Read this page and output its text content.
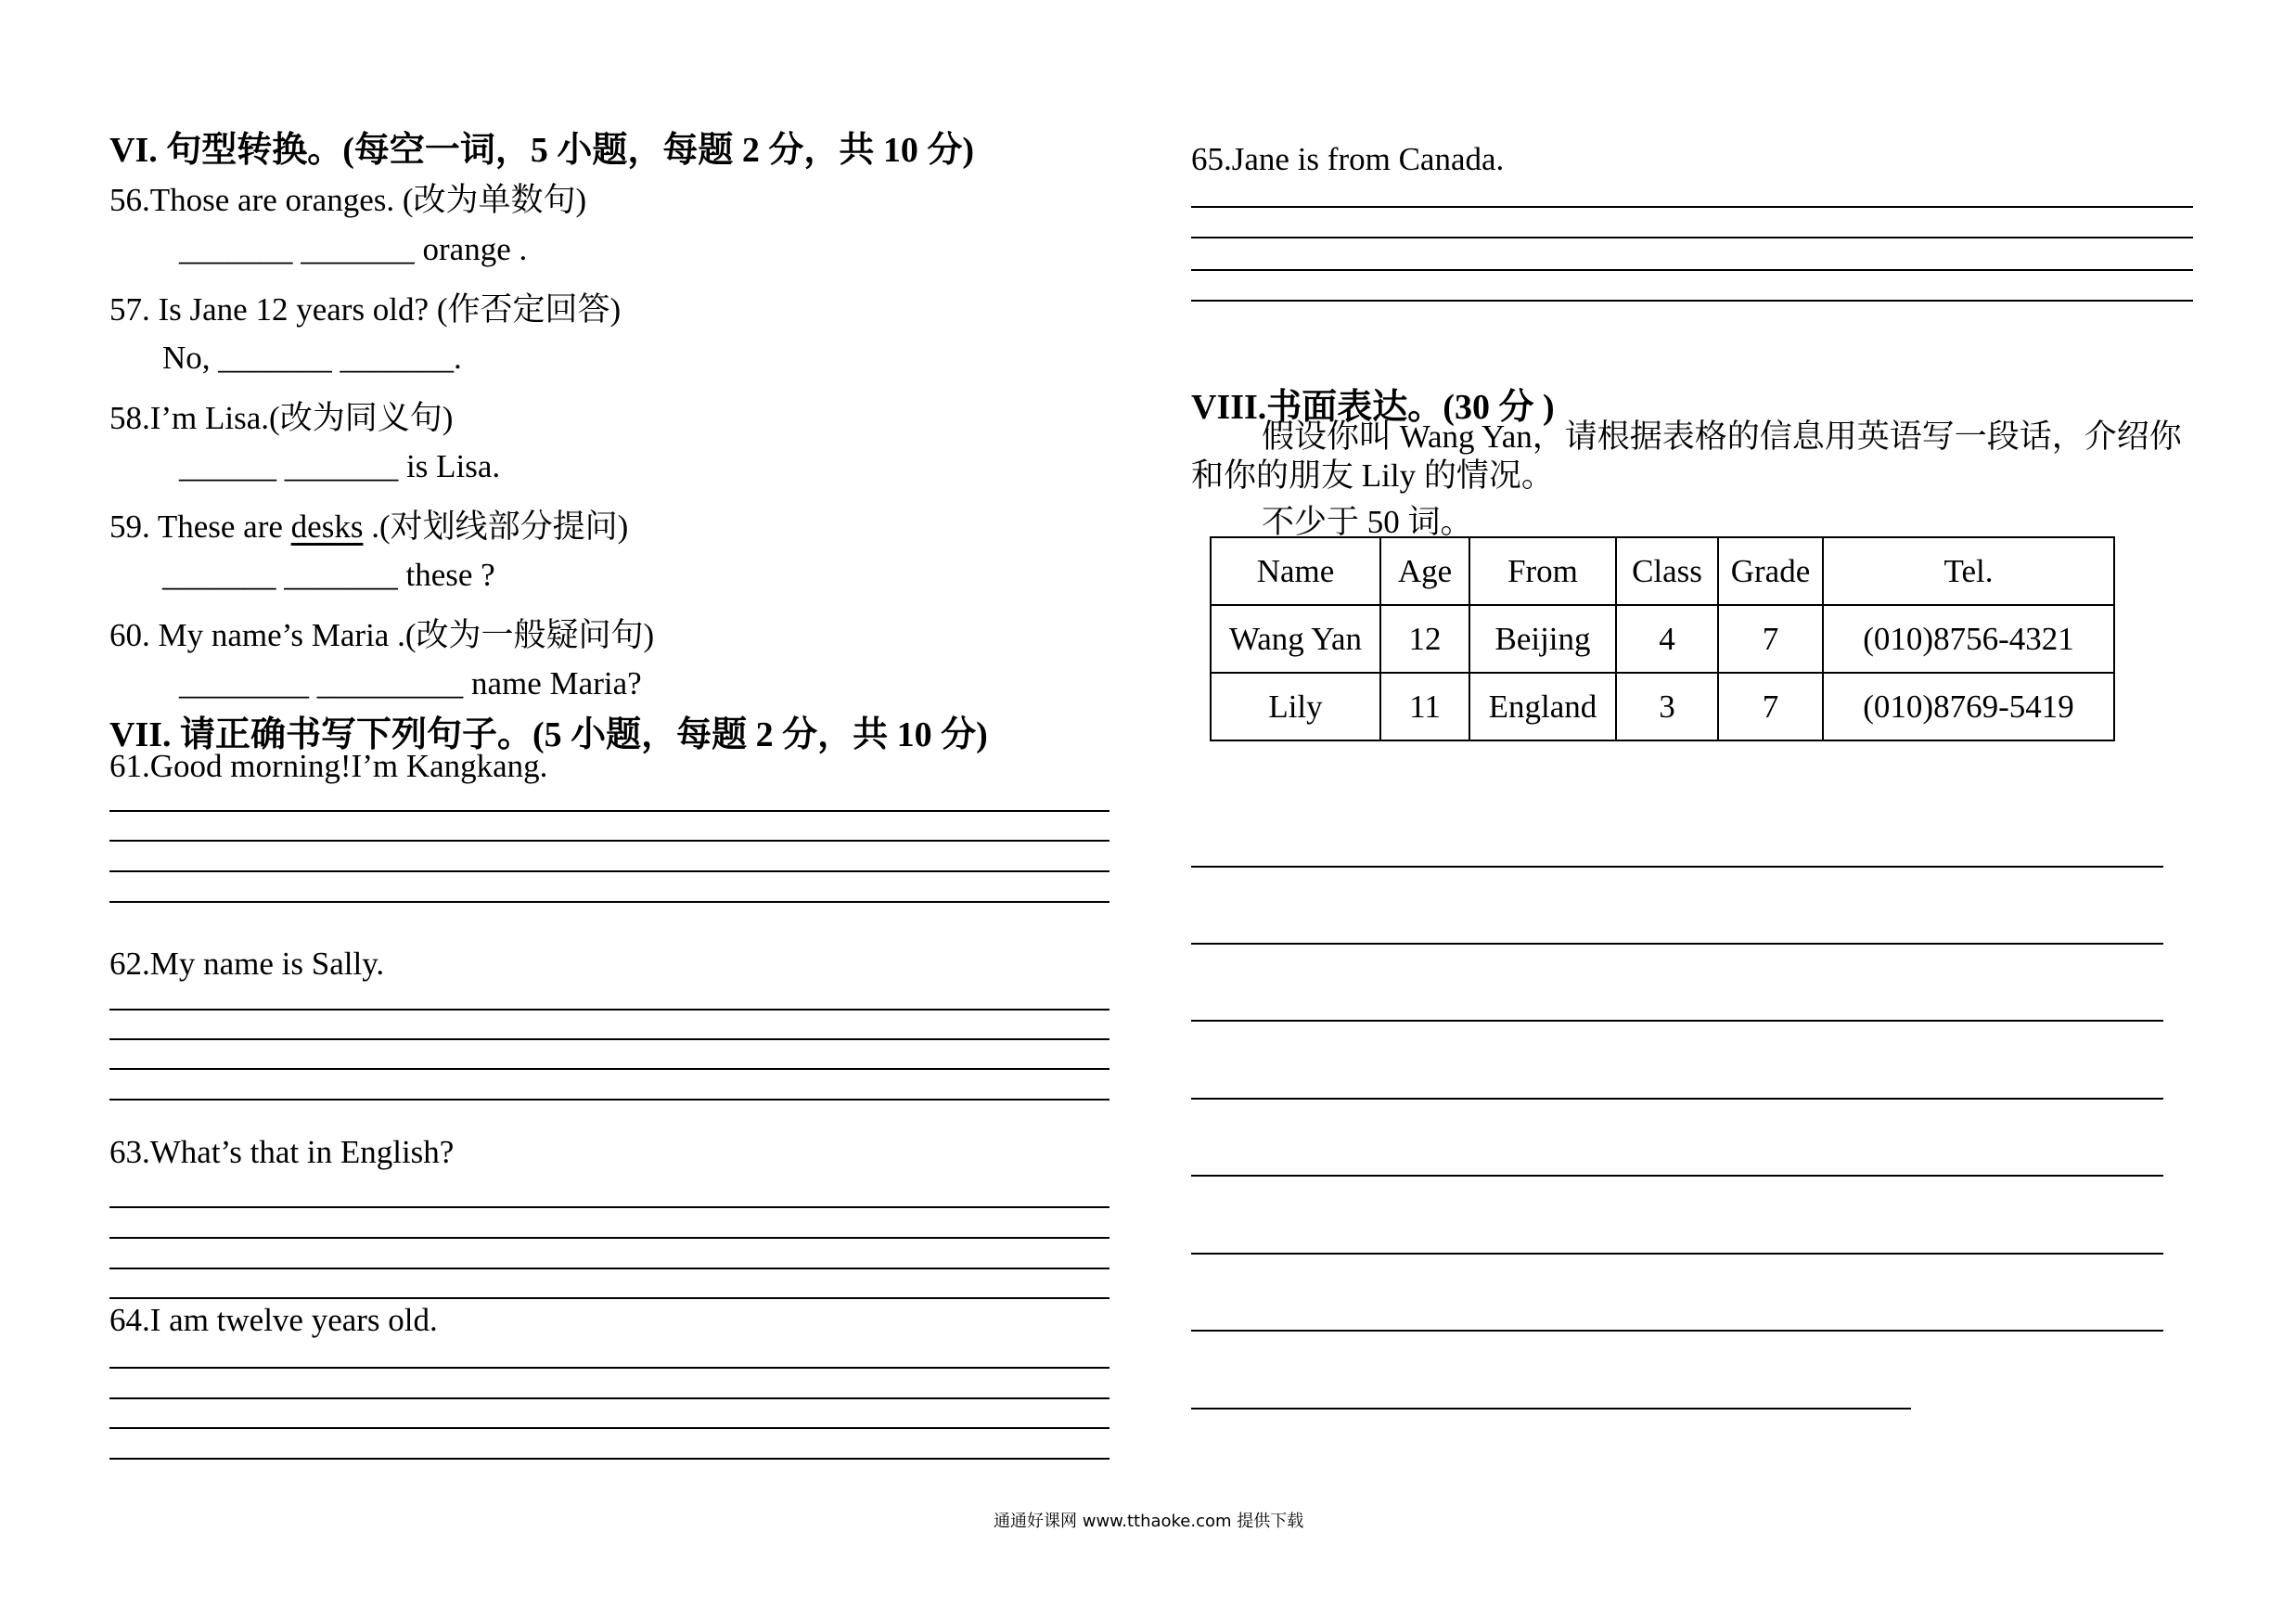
VI. 句型转换。(每空一词，5 小题，每题 2 分，共 10 分)
56.Those are oranges. (改为单数句)
_______ _______ orange .
57. Is Jane 12 years old? (作否定回答)
No, _______ _______.
58.I’m Lisa.(改为同义句)
______ _______ is Lisa.
59. These are desks .(对划线部分提问)
_______ _______ these ?
60. My name’s Maria .(改为一般疑问句)
________ _________ name Maria?
VII. 请正确书写下列句子。(5 小题，每题 2 分，共 10 分)
61.Good morning!I’m Kangkang.
62.My name is Sally.
63.What’s that in English?
64.I am twelve years old.
65.Jane is from Canada.
VIII.书面表达。(30 分 )
假设你叫 Wang Yan，请根据表格的信息用英语写一段话，介绍你和你的朋友 Lily 的情况。
不少于 50 词。
Name	Age	From	Class	Grade	Tel.
Wang Yan	12	Beijing	4	7	(010)8756-4321
Lily	11	England	3	7	(010)8769-5419
通通好课网 www.tthaoke.com 提供下载
